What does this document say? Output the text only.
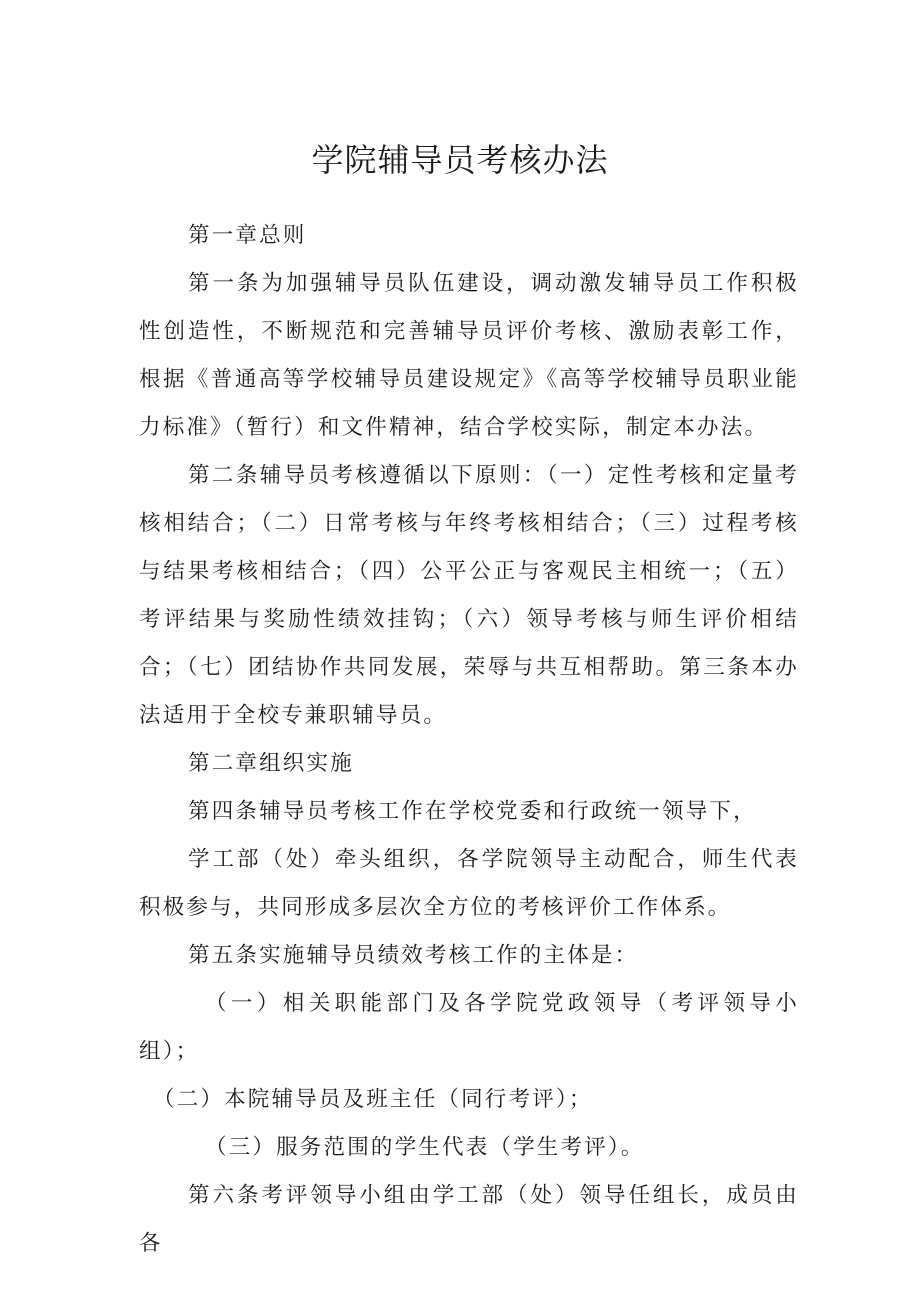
学院辅导员考核办法

第一章总则

第一条为加强辅导员队伍建设，调动激发辅导员工作积极性创造性，不断规范和完善辅导员评价考核、激励表彰工作，根据《普通高等学校辅导员建设规定》《高等学校辅导员职业能力标准》（暂行）和文件精神，结合学校实际，制定本办法。

第二条辅导员考核遵循以下原则：（一）定性考核和定量考核相结合；（二）日常考核与年终考核相结合；（三）过程考核与结果考核相结合；（四）公平公正与客观民主相统一；（五）考评结果与奖励性绩效挂钩；（六）领导考核与师生评价相结合；（七）团结协作共同发展，荣辱与共互相帮助。第三条本办法适用于全校专兼职辅导员。

第二章组织实施

第四条辅导员考核工作在学校党委和行政统一领导下，

学工部（处）牵头组织，各学院领导主动配合，师生代表积极参与，共同形成多层次全方位的考核评价工作体系。

第五条实施辅导员绩效考核工作的主体是：

（一）相关职能部门及各学院党政领导（考评领导小组）；

（二）本院辅导员及班主任（同行考评）；

（三）服务范围的学生代表（学生考评）。

第六条考评领导小组由学工部（处）领导任组长，成员由各
